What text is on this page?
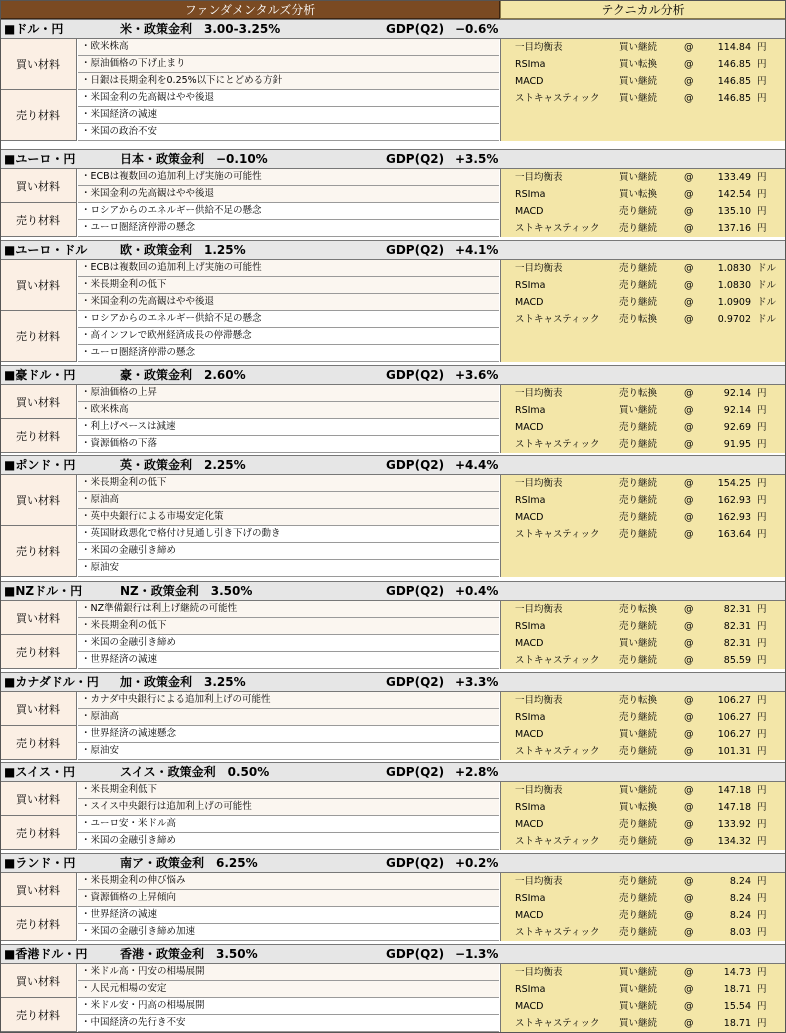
ファンダメンタルズ分析	テクニカル分析
■ドル・円	米・政策金利　3.00-3.25%	GDP(Q2) −0.6%
買い材料
・欧米株高
・原油価格の下げ止まり
・日銀は長期金利を0.25%以下にとどめる方針
売り材料
・米国金利の先高観はやや後退
・米国経済の減速
・米国の政治不安
一目均衡表	買い継続	@	114.84 円
RSIma	買い転換	@	146.85 円
MACD	買い継続	@	146.85 円
ストキャスティック 買い継続	@	146.85 円
■ユーロ・円	日本・政策金利　−0.10%	GDP(Q2) +3.5%
買い材料
・ECBは複数回の追加利上げ実施の可能性
・米国金利の先高観はやや後退
売り材料
・ロシアからのエネルギー供給不足の懸念
・ユーロ圏経済停滞の懸念
一目均衡表	買い継続	@	133.49 円
RSIma	買い転換	@	142.54 円
MACD	売り継続	@	135.10 円
ストキャスティック 売り継続	@	137.16 円
■ユーロ・ドル	欧・政策金利　1.25%	GDP(Q2) +4.1%
買い材料
・ECBは複数回の追加利上げ実施の可能性
・米長期金利の低下
・米国金利の先高観はやや後退
売り材料
・ロシアからのエネルギー供給不足の懸念
・高インフレで欧州経済成長の停滞懸念
・ユーロ圏経済停滞の懸念
一目均衡表	売り継続	@	1.0830 ドル
RSIma	売り継続	@	1.0830 ドル
MACD	売り継続	@	1.0909 ドル
ストキャスティック 売り転換	@	0.9702 ドル
■豪ドル・円	豪・政策金利　2.60%	GDP(Q2) +3.6%
買い材料
・原油価格の上昇
・欧米株高
売り材料
・利上げペースは減速
・資源価格の下落
一目均衡表	売り転換	@	92.14 円
RSIma	買い継続	@	92.14 円
MACD	売り継続	@	92.69 円
ストキャスティック 売り継続	@	91.95 円
■ポンド・円	英・政策金利　2.25%	GDP(Q2) +4.4%
買い材料
・米長期金利の低下
・原油高
・英中央銀行による市場安定化策
売り材料
・英国財政悪化で格付け見通し引き下げの動き
・米国の金融引き締め
・原油安
一目均衡表	売り継続	@	154.25 円
RSIma	売り継続	@	162.93 円
MACD	売り継続	@	162.93 円
ストキャスティック 売り継続	@	163.64 円
■NZドル・円	NZ・政策金利　3.50%	GDP(Q2) +0.4%
買い材料
・NZ準備銀行は利上げ継続の可能性
・米長期金利の低下
売り材料
・米国の金融引き締め
・世界経済の減速
一目均衡表	売り転換	@	82.31 円
RSIma	売り継続	@	82.31 円
MACD	買い継続	@	82.31 円
ストキャスティック 売り継続	@	85.59 円
■カナダドル・円 加・政策金利　3.25%	GDP(Q2) +3.3%
買い材料
・カナダ中央銀行による追加利上げの可能性
・原油高
売り材料
・世界経済の減速懸念
・原油安
一目均衡表	売り転換	@	106.27 円
RSIma	売り継続	@	106.27 円
MACD	買い継続	@	106.27 円
ストキャスティック 売り継続	@	101.31 円
■スイス・円	スイス・政策金利　0.50%	GDP(Q2) +2.8%
買い材料
・米長期金利低下
・スイス中央銀行は追加利上げの可能性
売り材料
・ユーロ安・米ドル高
・米国の金融引き締め
一目均衡表	買い継続	@	147.18 円
RSIma	買い転換	@	147.18 円
MACD	売り継続	@	133.92 円
ストキャスティック 売り継続	@	134.32 円
■ランド・円	南ア・政策金利　6.25%	GDP(Q2) +0.2%
買い材料
・米長期金利の伸び悩み
・資源価格の上昇傾向
売り材料
・世界経済の減速
・米国の金融引き締め加速
一目均衡表	売り継続	@	8.24 円
RSIma	売り継続	@	8.24 円
MACD	売り継続	@	8.24 円
ストキャスティック 売り継続	@	8.03 円
■香港ドル・円	香港・政策金利　3.50%	GDP(Q2) −1.3%
買い材料
・米ドル高・円安の相場展開
・人民元相場の安定
売り材料
・米ドル安・円高の相場展開
・中国経済の先行き不安
一目均衡表	買い継続	@	14.73 円
RSIma	買い継続	@	18.71 円
MACD	買い継続	@	15.54 円
ストキャスティック 買い継続	@	18.71 円
